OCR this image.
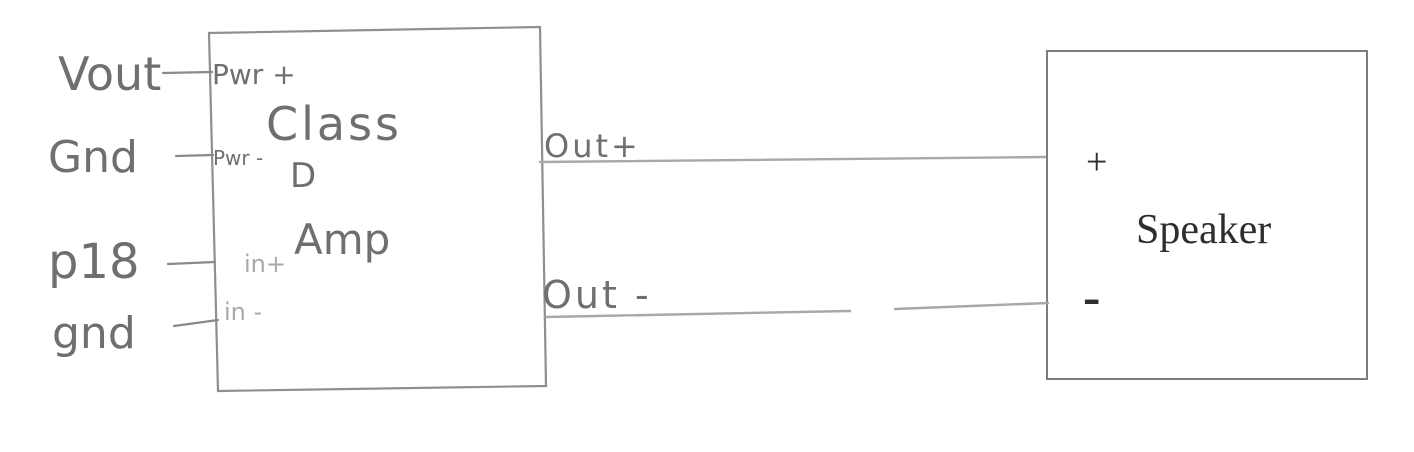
Vout
Gnd
p18
gnd
Pwr +
Pwr -
in+
in -
Class
D
Amp
Out+
Out -
+
-
Speaker
